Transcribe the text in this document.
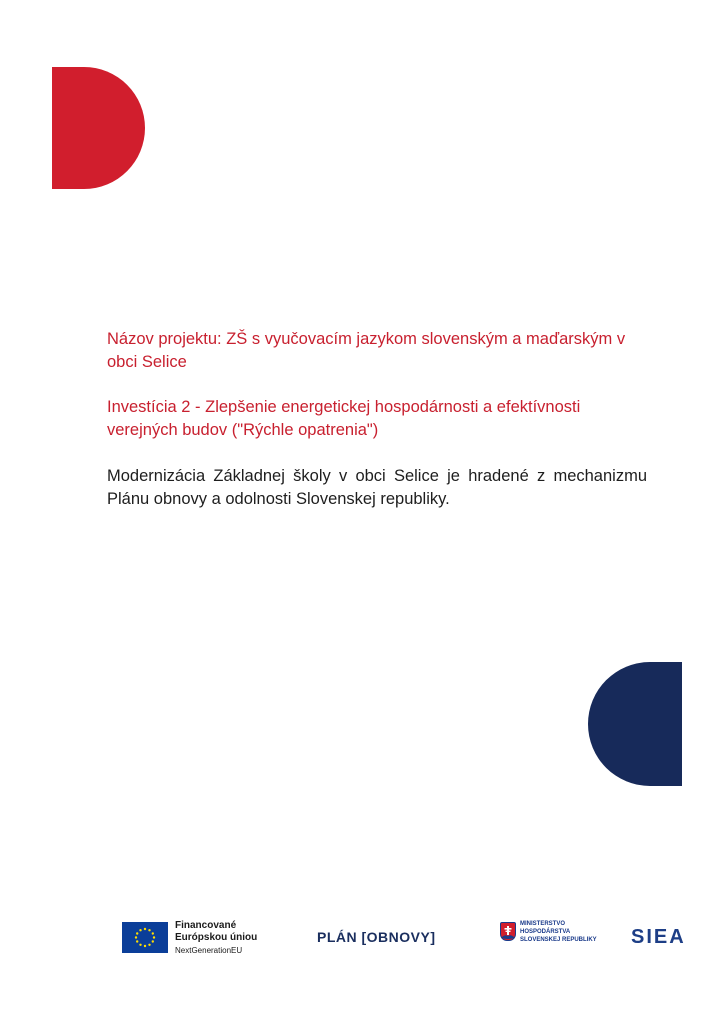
Názov projektu: ZŠ s vyučovacím jazykom slovenským a maďarským v obci Selice
Investícia 2 - Zlepšenie energetickej hospodárnosti a efektívnosti verejných budov ("Rýchle opatrenia")
Modernizácia Základnej školy v obci Selice je hradené z mechanizmu Plánu obnovy a odolnosti Slovenskej republiky.
Financované
Európskou úniou
NextGenerationEU
PLÁN [OBNOVY]
MINISTERSTVO
HOSPODÁRSTVA
SLOVENSKEJ REPUBLIKY SIEA
